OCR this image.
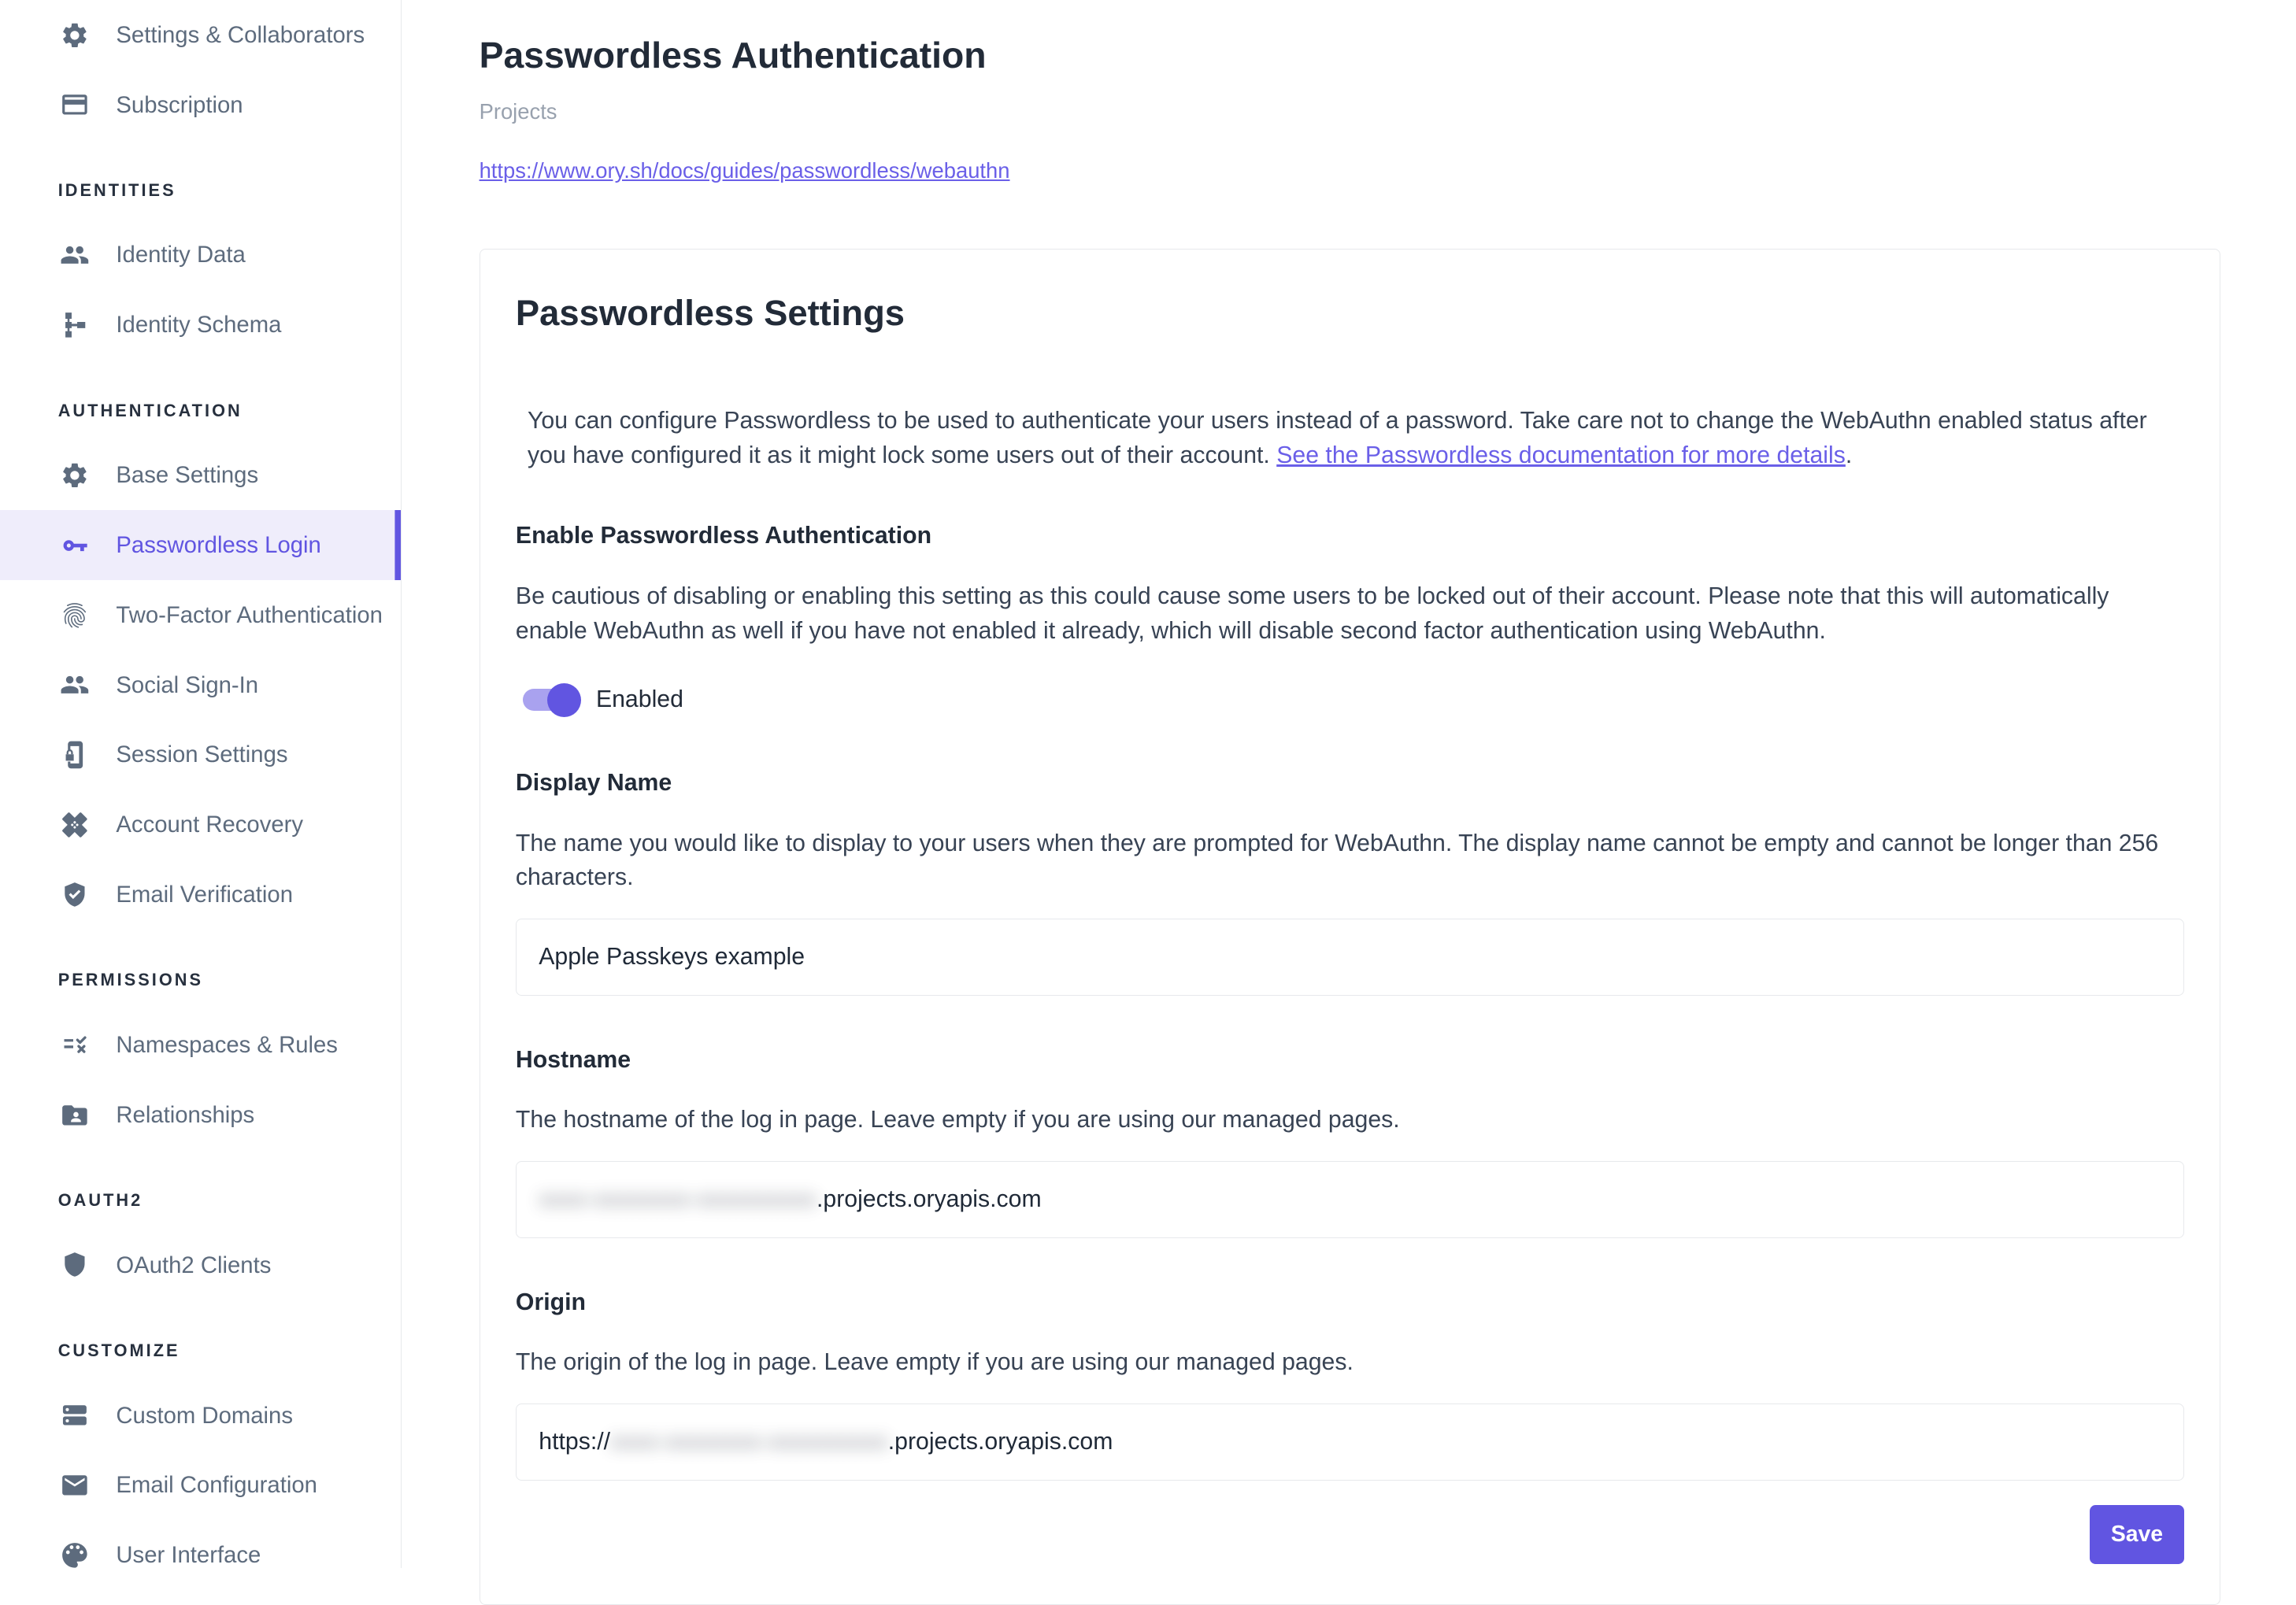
Settings & Collaborators
Subscription
IDENTITIES
Identity Data
Identity Schema
AUTHENTICATION
Base Settings
Passwordless Login
Two-Factor Authentication
Social Sign-In
Session Settings
Account Recovery
Email Verification
PERMISSIONS
Namespaces & Rules
Relationships
OAUTH2
OAuth2 Clients
CUSTOMIZE
Custom Domains
Email Configuration
User Interface
Passwordless Authentication
Projects
https://www.ory.sh/docs/guides/passwordless/webauthn
Passwordless Settings

You can configure Passwordless to be used to authenticate your users instead of a password. Take care not to change the WebAuthn enabled status after you have configured it as it might lock some users out of their account. See the Passwordless documentation for more details.

Enable Passwordless Authentication

Be cautious of disabling or enabling this setting as this could cause some users to be locked out of their account. Please note that this will automatically enable WebAuthn as well if you have not enabled it already, which will disable second factor authentication using WebAuthn.

Enabled
Display Name

The name you would like to display to your users when they are prompted for WebAuthn. The display name cannot be empty and cannot be longer than 256 characters.

Apple Passkeys example
Hostname

The hostname of the log in page. Leave empty if you are using our managed pages.

xxxx-xxxxxxxx-xxxxxxxxxx .projects.oryapis.com
Origin

The origin of the log in page. Leave empty if you are using our managed pages.

https:// xxxx-xxxxxxxx-xxxxxxxxxx .projects.oryapis.com
Save
